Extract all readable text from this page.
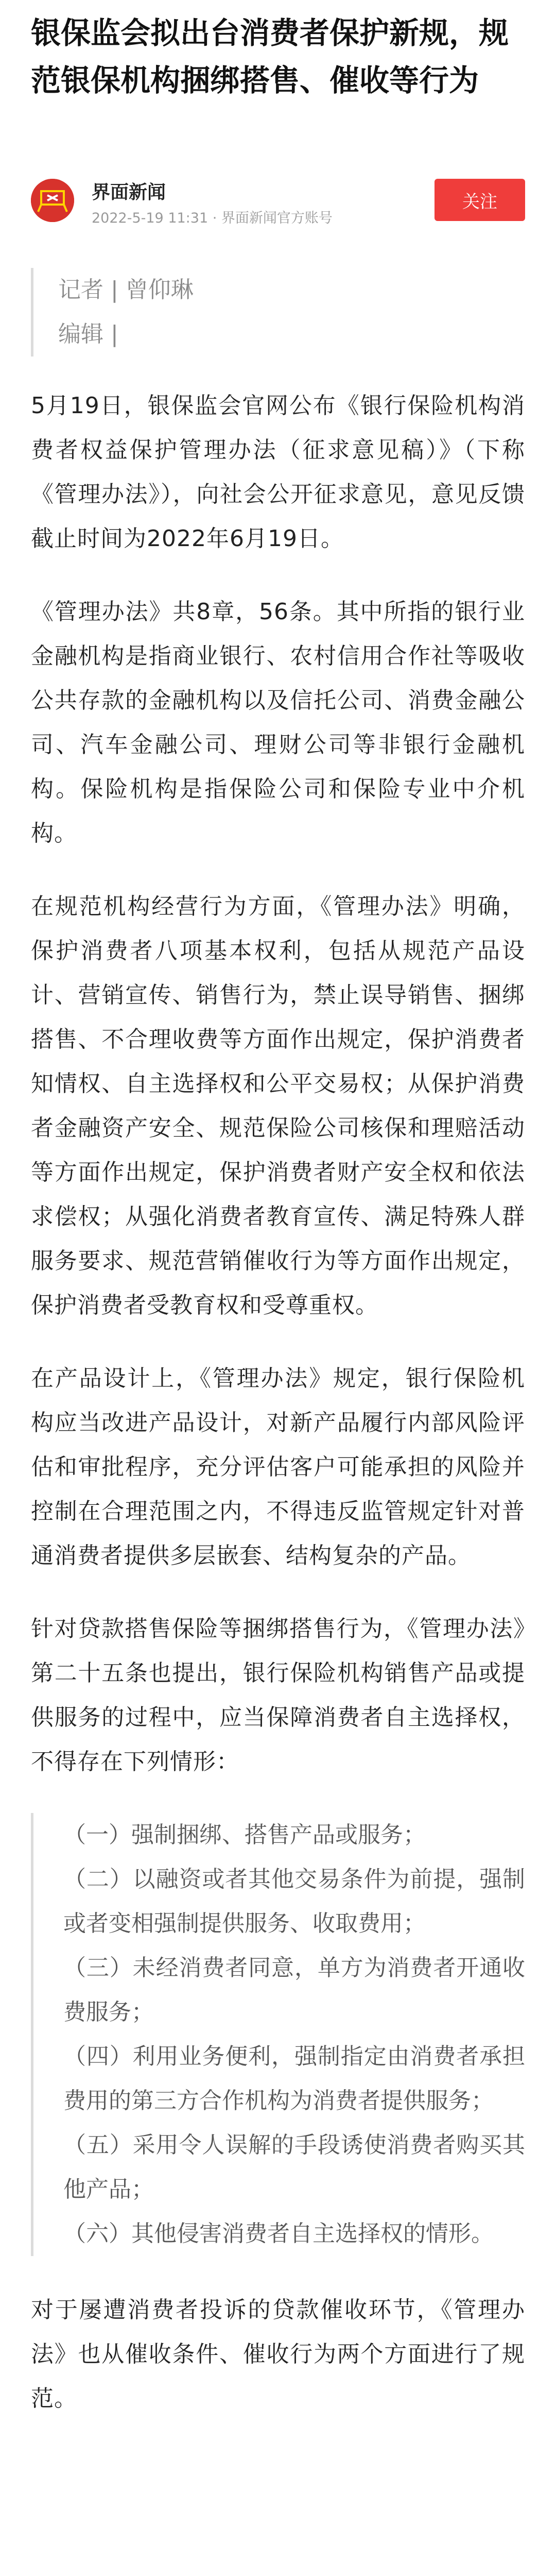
银保监会拟出台消费者保护新规，规范银保机构捆绑搭售、催收等行为
界面新闻
2022-5-19 11:31 · 界面新闻官方账号
关注
记者 | 曾仰琳
编辑 |

5月19日，银保监会官网公布《银行保险机构消费者权益保护管理办法（征求意见稿）》（下称《管理办法》），向社会公开征求意见，意见反馈截止时间为2022年6月19日。

《管理办法》共8章，56条。其中所指的银行业金融机构是指商业银行、农村信用合作社等吸收公共存款的金融机构以及信托公司、消费金融公司、汽车金融公司、理财公司等非银行金融机构。保险机构是指保险公司和保险专业中介机构。

在规范机构经营行为方面，《管理办法》明确，保护消费者八项基本权利，包括从规范产品设计、营销宣传、销售行为，禁止误导销售、捆绑搭售、不合理收费等方面作出规定，保护消费者知情权、自主选择权和公平交易权；从保护消费者金融资产安全、规范保险公司核保和理赔活动等方面作出规定，保护消费者财产安全权和依法求偿权；从强化消费者教育宣传、满足特殊人群服务要求、规范营销催收行为等方面作出规定，保护消费者受教育权和受尊重权。

在产品设计上，《管理办法》规定，银行保险机构应当改进产品设计，对新产品履行内部风险评估和审批程序，充分评估客户可能承担的风险并控制在合理范围之内，不得违反监管规定针对普通消费者提供多层嵌套、结构复杂的产品。

针对贷款搭售保险等捆绑搭售行为，《管理办法》第二十五条也提出，银行保险机构销售产品或提供服务的过程中，应当保障消费者自主选择权，不得存在下列情形：

（一）强制捆绑、搭售产品或服务；

（二）以融资或者其他交易条件为前提，强制或者变相强制提供服务、收取费用；

（三）未经消费者同意，单方为消费者开通收费服务；

（四）利用业务便利，强制指定由消费者承担费用的第三方合作机构为消费者提供服务；

（五）采用令人误解的手段诱使消费者购买其他产品；

（六）其他侵害消费者自主选择权的情形。

对于屡遭消费者投诉的贷款催收环节，《管理办法》也从催收条件、催收行为两个方面进行了规范。
